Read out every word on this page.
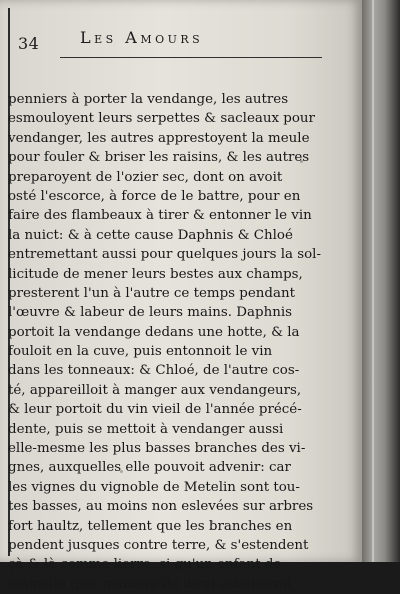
34	Les Amours
penniers à porter la vendange, les autres
esmouloyent leurs serpettes & sacleaux pour
vendanger, les autres apprestoyent la meule
pour fouler & briser les raisins, & les autres
preparoyent de l'ozier sec, dont on avoit
osté l'escorce, à force de le battre, pour en
faire des flambeaux à tirer & entonner le vin
la nuict: & à cette cause Daphnis & Chloé
entremettant aussi pour quelques jours la sol-
licitude de mener leurs bestes aux champs,
presterent l'un à l'autre ce temps pendant
l'œuvre & labeur de leurs mains. Daphnis
portoit la vendange dedans une hotte, & la
fouloit en la cuve, puis entonnoit le vin
dans les tonneaux: & Chloé, de l'autre cos-
té, appareilloit à manger aux vendangeurs,
& leur portoit du vin vieil de l'année précé-
dente, puis se mettoit à vendanger aussi
elle-mesme les plus basses branches des vi-
gnes, auxquelles elle pouvoit advenir: car
les vignes du vignoble de Metelin sont tou-
tes basses, au moins non eslevées sur arbres
fort haultz, tellement que les branches en
pendent jusques contre terre, & s'estendent
çà & là comme lierre, si qu'un enfant de
mamelle (par maniere de dire) attaindroit
